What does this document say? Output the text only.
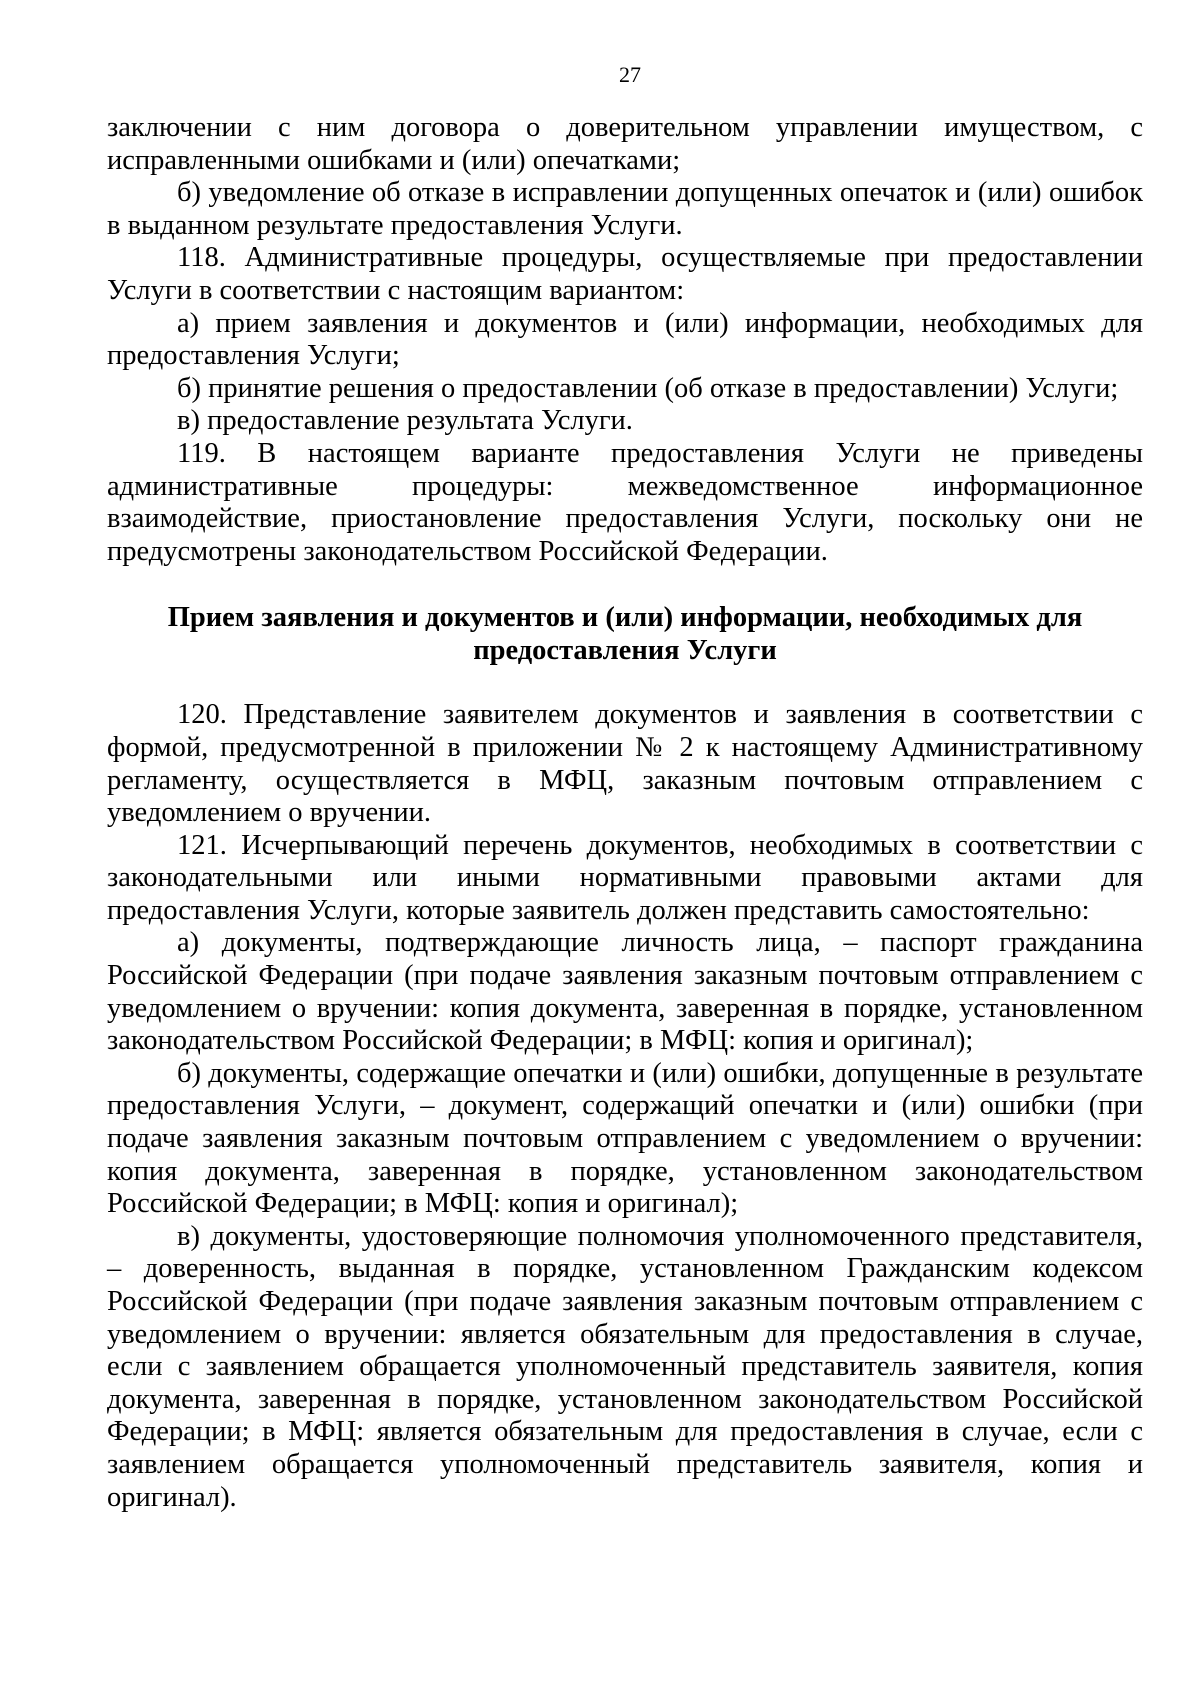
27

заключении с ним договора о доверительном управлении имуществом, с исправленными ошибками и (или) опечатками;

б) уведомление об отказе в исправлении допущенных опечаток и (или) ошибок в выданном результате предоставления Услуги.

118. Административные процедуры, осуществляемые при предоставлении Услуги в соответствии с настоящим вариантом:

а) прием заявления и документов и (или) информации, необходимых для предоставления Услуги;

б) принятие решения о предоставлении (об отказе в предоставлении) Услуги;

в) предоставление результата Услуги.

119. В настоящем варианте предоставления Услуги не приведены административные процедуры: межведомственное информационное взаимодействие, приостановление предоставления Услуги, поскольку они не предусмотрены законодательством Российской Федерации.

Прием заявления и документов и (или) информации, необходимых для
предоставления Услуги

120. Представление заявителем документов и заявления в соответствии с формой, предусмотренной в приложении № 2 к настоящему Административному регламенту, осуществляется в МФЦ, заказным почтовым отправлением с уведомлением о вручении.

121. Исчерпывающий перечень документов, необходимых в соответствии с законодательными или иными нормативными правовыми актами для предоставления Услуги, которые заявитель должен представить самостоятельно:

а) документы, подтверждающие личность лица, – паспорт гражданина Российской Федерации (при подаче заявления заказным почтовым отправлением с уведомлением о вручении: копия документа, заверенная в порядке, установленном законодательством Российской Федерации; в МФЦ: копия и оригинал);

б) документы, содержащие опечатки и (или) ошибки, допущенные в результате предоставления Услуги, – документ, содержащий опечатки и (или) ошибки (при подаче заявления заказным почтовым отправлением с уведомлением о вручении: копия документа, заверенная в порядке, установленном законодательством Российской Федерации; в МФЦ: копия и оригинал);

в) документы, удостоверяющие полномочия уполномоченного представителя, – доверенность, выданная в порядке, установленном Гражданским кодексом Российской Федерации (при подаче заявления заказным почтовым отправлением с уведомлением о вручении: является обязательным для предоставления в случае, если с заявлением обращается уполномоченный представитель заявителя, копия документа, заверенная в порядке, установленном законодательством Российской Федерации; в МФЦ: является обязательным для предоставления в случае, если с заявлением обращается уполномоченный представитель заявителя, копия и оригинал).
